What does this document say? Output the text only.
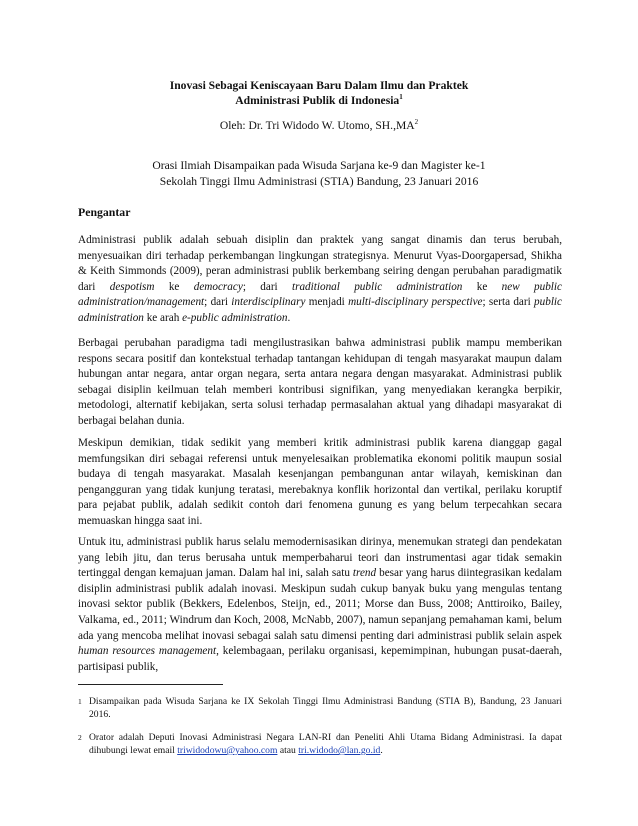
Inovasi Sebagai Keniscayaan Baru Dalam Ilmu dan Praktek
Administrasi Publik di Indonesia$^1$
Oleh: Dr. Tri Widodo W. Utomo, $SH.,MA^2$
Orasi Ilmiah Disampaikan pada Wisuda Sarjana ke-9 dan Magister ke-1
Sekolah Tinggi Ilmu Administrasi (STIA) Bandung, 23 Januari 2016
Pengantar

Administrasi publik adalah sebuah disiplin dan praktek yang sangat dinamis dan terus berubah, menyesuaikan diri terhadap perkembangan lingkungan strategisnya. Menurut Vyas-Doorgapersad, Shikha & Keith Simmonds (2009), peran administrasi publik berkembang seiring dengan perubahan paradigmatik dari despotism ke democracy; dari traditional public administration ke new public administration/management; dari interdisciplinary menjadi multi-disciplinary perspective; serta dari public administration ke arah e-public administration.

Berbagai perubahan paradigma tadi mengilustrasikan bahwa administrasi publik mampu memberikan respons secara positif dan kontekstual terhadap tantangan kehidupan di tengah masyarakat maupun dalam hubungan antar negara, antar organ negara, serta antara negara dengan masyarakat. Administrasi publik sebagai disiplin keilmuan telah memberi kontribusi signifikan, yang menyediakan kerangka berpikir, metodologi, alternatif kebijakan, serta solusi terhadap permasalahan aktual yang dihadapi masyarakat di berbagai belahan dunia.

Meskipun demikian, tidak sedikit yang memberi kritik administrasi publik karena dianggap gagal memfungsikan diri sebagai referensi untuk menyelesaikan problematika ekonomi politik maupun sosial budaya di tengah masyarakat. Masalah kesenjangan pembangunan antar wilayah, kemiskinan dan pengangguran yang tidak kunjung teratasi, merebaknya konflik horizontal dan vertikal, perilaku koruptif para pejabat publik, adalah sedikit contoh dari fenomena gunung es yang belum terpecahkan secara memuaskan hingga saat ini.

Untuk itu, administrasi publik harus selalu memodernisasikan dirinya, menemukan strategi dan pendekatan yang lebih jitu, dan terus berusaha untuk memperbaharui teori dan instrumentasi agar tidak semakin tertinggal dengan kemajuan jaman. Dalam hal ini, salah satu trend besar yang harus diintegrasikan kedalam disiplin administrasi publik adalah inovasi. Meskipun sudah cukup banyak buku yang mengulas tentang inovasi sektor publik (Bekkers, Edelenbos, Steijn, ed., 2011; Morse dan Buss, 2008; Anttiroiko, Bailey, Valkama, ed., 2011; Windrum dan Koch, 2008, McNabb, 2007), namun sepanjang pemahaman kami, belum ada yang mencoba melihat inovasi sebagai salah satu dimensi penting dari administrasi publik selain aspek human resources management, kelembagaan, perilaku organisasi, kepemimpinan, hubungan pusat-daerah, partisipasi publik,

1 Disampaikan pada Wisuda Sarjana ke IX Sekolah Tinggi Ilmu Administrasi Bandung (STIA B), Bandung, 23 Januari 2016.
2 Orator adalah Deputi Inovasi Administrasi Negara LAN-RI dan Peneliti Ahli Utama Bidang Administrasi. Ia dapat dihubungi lewat email triwidodowu@yahoo.com atau tri.widodo@lan.go.id.
